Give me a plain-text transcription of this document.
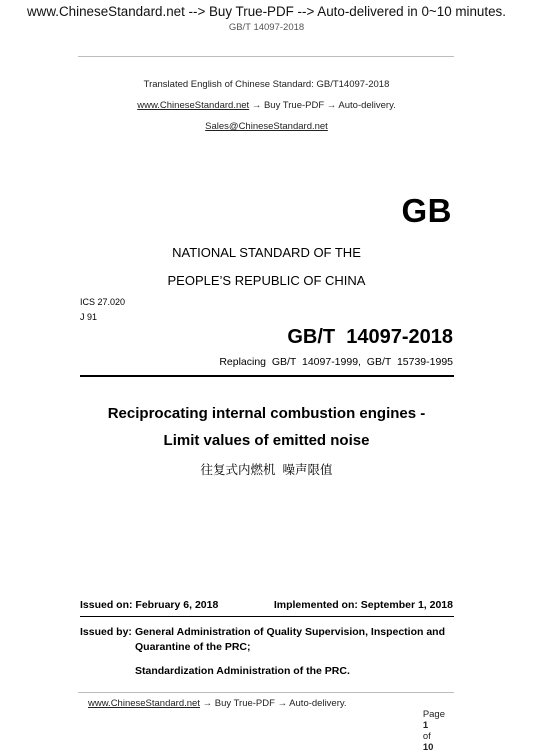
www.ChineseStandard.net --> Buy True-PDF --> Auto-delivered in 0~10 minutes.
GB/T 14097-2018
Translated English of Chinese Standard: GB/T14097-2018
www.ChineseStandard.net → Buy True-PDF → Auto-delivery.
Sales@ChineseStandard.net
GB
NATIONAL STANDARD OF THE
PEOPLE’S REPUBLIC OF CHINA
ICS 27.020
J 91
GB/T  14097-2018
Replacing  GB/T  14097-1999,  GB/T  15739-1995
Reciprocating internal combustion engines -
Limit values of emitted noise
往复式内燃机  噪声限值
Issued on: February 6, 2018	Implemented on: September 1, 2018
Issued by: General Administration of Quality Supervision, Inspection and
Quarantine of the PRC;
Standardization Administration of the PRC.
www.ChineseStandard.net → Buy True-PDF → Auto-delivery.

Page
1
of
10
